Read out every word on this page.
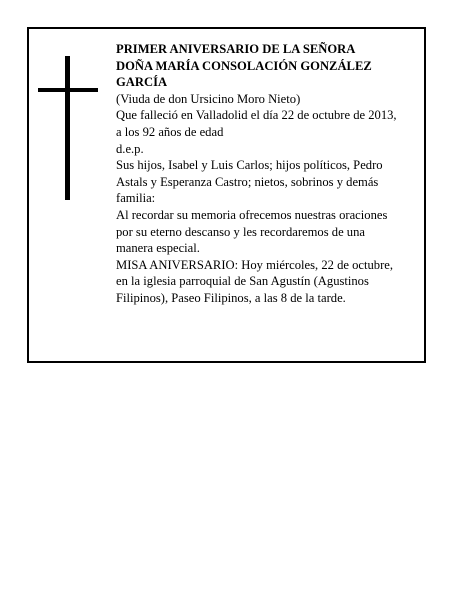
PRIMER ANIVERSARIO DE LA SEÑORA
DOÑA MARÍA CONSOLACIÓN GONZÁLEZ
GARCÍA
(Viuda de don Ursicino Moro Nieto)
Que falleció en Valladolid el día 22 de octubre de 2013,
a los 92 años de edad
d.e.p.
Sus hijos, Isabel y Luis Carlos; hijos políticos, Pedro
Astals y Esperanza Castro; nietos, sobrinos y demás
familia:
Al recordar su memoria ofrecemos nuestras oraciones
por su eterno descanso y les recordaremos de una
manera especial.
MISA ANIVERSARIO: Hoy miércoles, 22 de octubre,
en la iglesia parroquial de San Agustín (Agustinos
Filipinos), Paseo Filipinos, a las 8 de la tarde.
